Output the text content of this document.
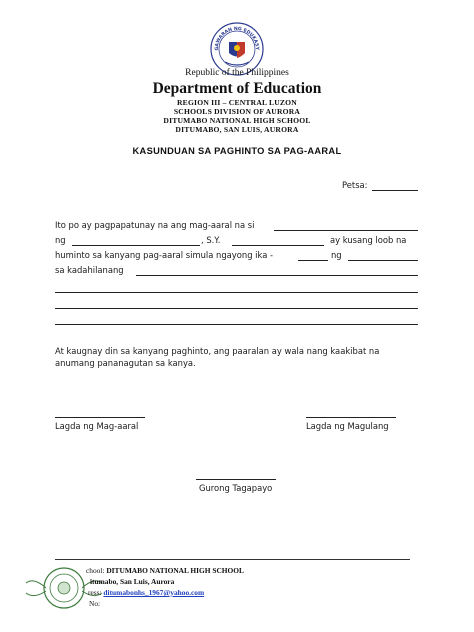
GAWARAN NG EDUKASY
Republic of the Philippines
Department of Education
REGION III – CENTRAL LUZON
SCHOOLS DIVISION OF AURORA
DITUMABO NATIONAL HIGH SCHOOL
DITUMABO, SAN LUIS, AURORA
KASUNDUAN SA PAGHINTO SA PAG-AARAL
Petsa:
Ito po ay pagpapatunay na ang mag-aaral na si
ng	, S.Y.	ay kusang loob na
huminto sa kanyang pag-aaral simula ngayong ika -	ng
sa kadahilanang
At kaugnay din sa kanyang paghinto, ang paaralan ay wala nang kaakibat na
anumang pananagutan sa kanya.
Lagda ng Mag-aaral	Lagda ng Magulang
Gurong Tagapayo
chool: DITUMABO NATIONAL HIGH SCHOOL
itumabo, San Luis, Aurora
ress: ditumabonhs_1967@yahoo.com
No:
